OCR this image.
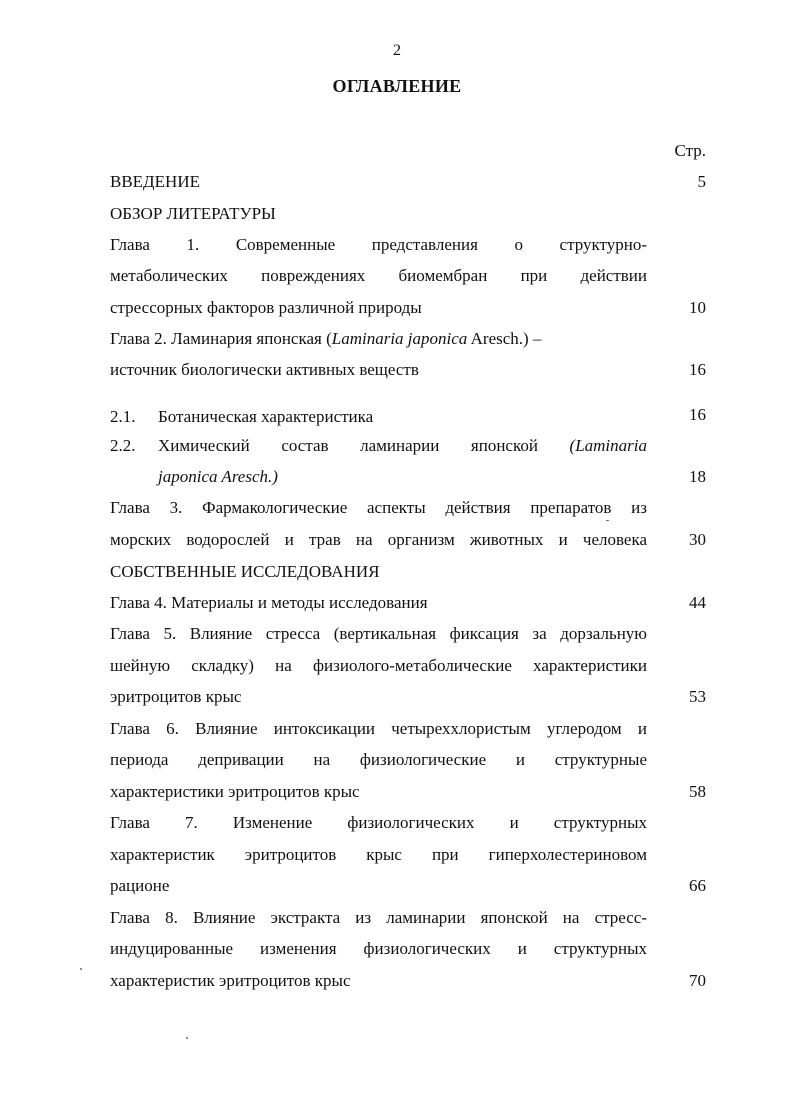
2
ОГЛАВЛЕНИЕ
Стр.
ВВЕДЕНИЕ	5
ОБЗОР ЛИТЕРАТУРЫ
Глава 1. Современные представления о структурно-
метаболических повреждениях биомембран при действии
стрессорных факторов различной природы	10
Глава 2. Ламинария японская (Laminaria japonica Aresch.) –
источник биологически активных веществ	16
2.1. Ботаническая характеристика	16
2.2. Химический состав ламинарии японской (Laminaria
japonica Aresch.)	18
Глава 3. Фармакологические аспекты действия препаратов из
морских водорослей и трав на организм животных и человека	30
СОБСТВЕННЫЕ ИССЛЕДОВАНИЯ
Глава 4. Материалы и методы исследования	44
Глава 5. Влияние стресса (вертикальная фиксация за дорзальную
шейную складку) на физиолого-метаболические характеристики
эритроцитов крыс	53
Глава 6. Влияние интоксикации четыреххлористым углеродом и
периода депривации на физиологические и структурные
характеристики эритроцитов крыс	58
Глава 7. Изменение физиологических и структурных
характеристик эритроцитов крыс при гиперхолестериновом
рационе	66
Глава 8. Влияние экстракта из ламинарии японской на стресс-
индуцированные изменения физиологических и структурных
характеристик эритроцитов крыс	70
